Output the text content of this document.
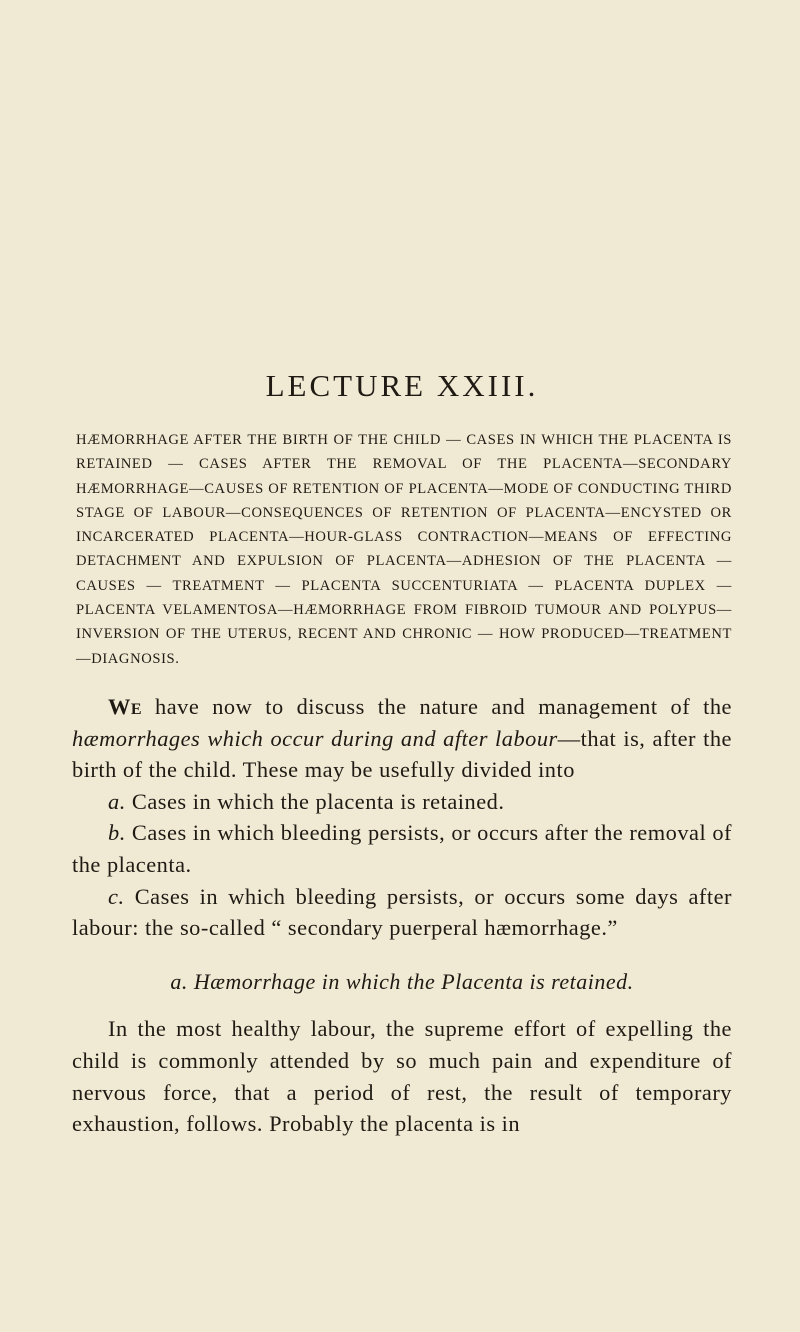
LECTURE XXIII.

HÆMORRHAGE AFTER THE BIRTH OF THE CHILD — CASES IN WHICH THE PLACENTA IS RETAINED — CASES AFTER THE REMOVAL OF THE PLACENTA—SECONDARY HÆMORRHAGE—CAUSES OF RETENTION OF PLACENTA—MODE OF CONDUCTING THIRD STAGE OF LABOUR—CONSEQUENCES OF RETENTION OF PLACENTA—ENCYSTED OR INCARCERATED PLACENTA—HOUR-GLASS CONTRACTION—MEANS OF EFFECTING DETACHMENT AND EXPULSION OF PLACENTA—ADHESION OF THE PLACENTA — CAUSES — TREATMENT — PLACENTA SUCCENTURIATA — PLACENTA DUPLEX — PLACENTA VELAMENTOSA—HÆMORRHAGE FROM FIBROID TUMOUR AND POLYPUS—INVERSION OF THE UTERUS, RECENT AND CHRONIC — HOW PRODUCED—TREATMENT—DIAGNOSIS.

We have now to discuss the nature and management of the hæmorrhages which occur during and after labour—that is, after the birth of the child. These may be usefully divided into

a. Cases in which the placenta is retained.

b. Cases in which bleeding persists, or occurs after the removal of the placenta.

c. Cases in which bleeding persists, or occurs some days after labour: the so-called “ secondary puerperal hæmorrhage.”

a. Hæmorrhage in which the Placenta is retained.

In the most healthy labour, the supreme effort of expelling the child is commonly attended by so much pain and expenditure of nervous force, that a period of rest, the result of temporary exhaustion, follows. Probably the placenta is in
